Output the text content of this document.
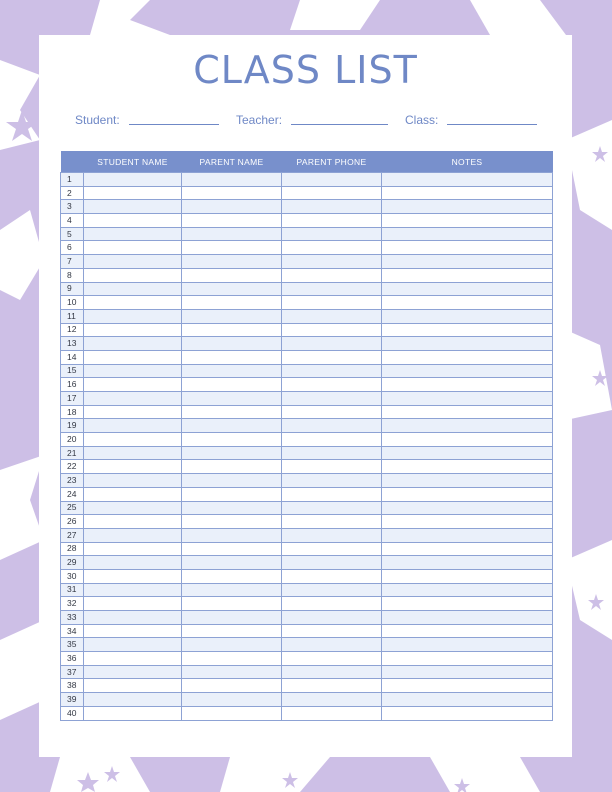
CLASS LIST
Student:	Teacher:	Class:
	STUDENT NAME	PARENT NAME	PARENT PHONE	NOTES
1				
2				
3				
4				
5				
6				
7				
8				
9				
10				
11				
12				
13				
14				
15				
16				
17				
18				
19				
20				
21				
22				
23				
24				
25				
26				
27				
28				
29				
30				
31				
32				
33				
34				
35				
36				
37				
38				
39				
40				
